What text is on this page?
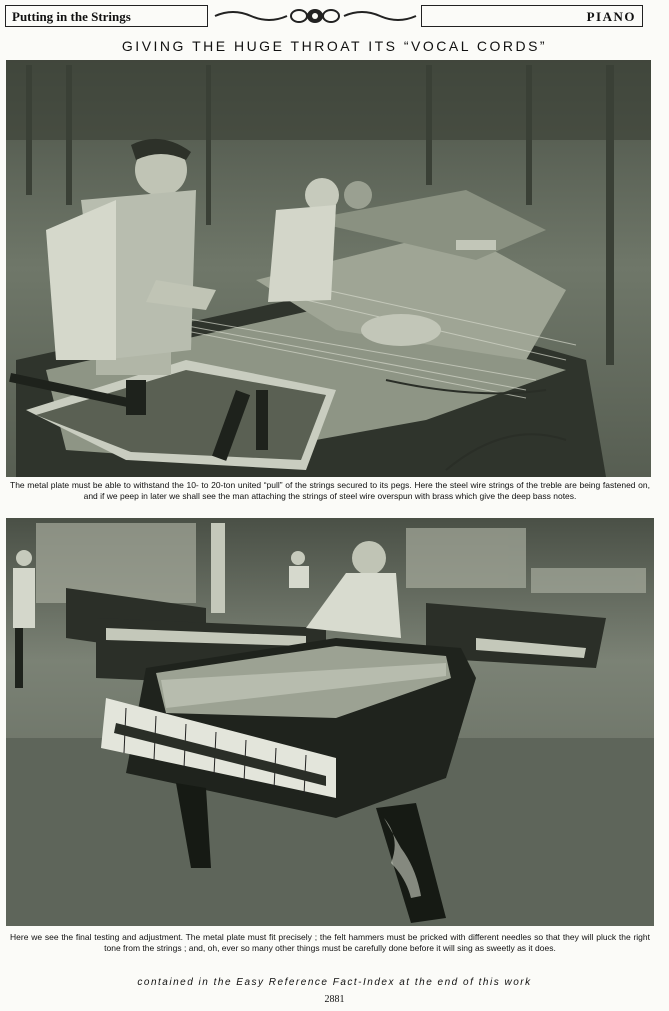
Putting in the Strings	PIANO
GIVING THE HUGE THROAT ITS “VOCAL CORDS”
The metal plate must be able to withstand the 10- to 20-ton united “pull” of the strings secured to its pegs. Here the steel wire strings of the treble are being fastened on, and if we peep in later we shall see the man attaching the strings of steel wire overspun with brass which give the deep bass notes.
Here we see the final testing and adjustment. The metal plate must fit precisely ; the felt hammers must be pricked with different needles so that they will pluck the right tone from the strings ; and, oh, ever so many other things must be carefully done before it will sing as sweetly as it does.
contained in the Easy Reference Fact-Index at the end of this work
2881
